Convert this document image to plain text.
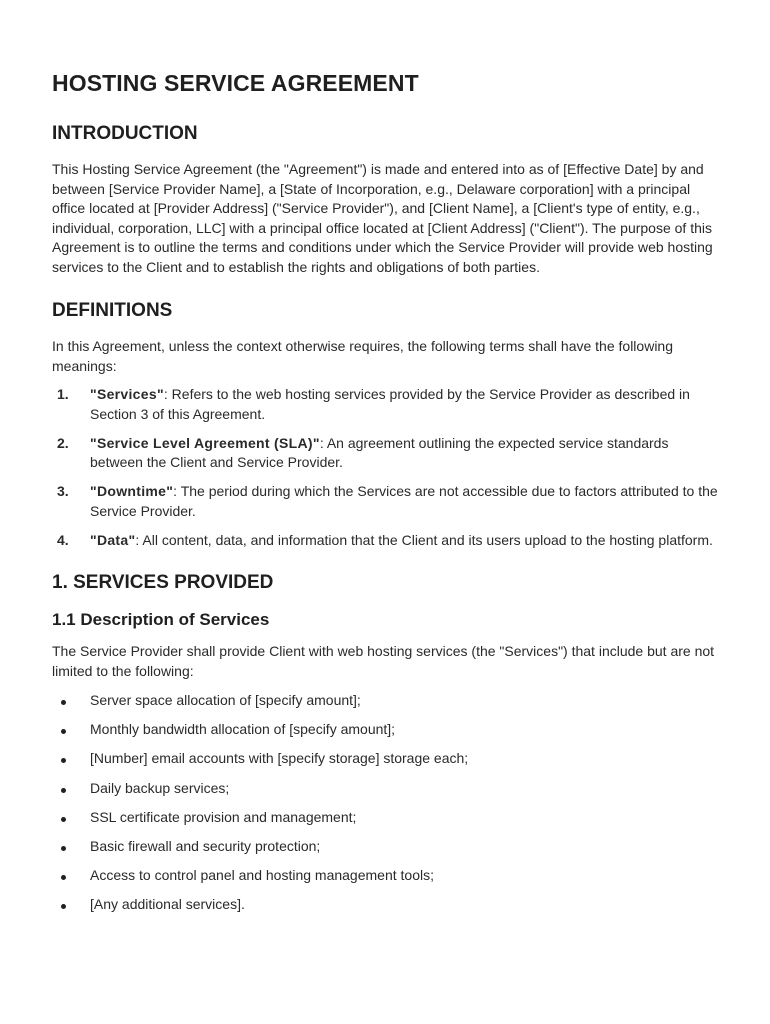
HOSTING SERVICE AGREEMENT
INTRODUCTION

This Hosting Service Agreement (the "Agreement") is made and entered into as of [Effective Date] by and between [Service Provider Name], a [State of Incorporation, e.g., Delaware corporation] with a principal office located at [Provider Address] ("Service Provider"), and [Client Name], a [Client's type of entity, e.g., individual, corporation, LLC] with a principal office located at [Client Address] ("Client"). The purpose of this Agreement is to outline the terms and conditions under which the Service Provider will provide web hosting services to the Client and to establish the rights and obligations of both parties.

DEFINITIONS

In this Agreement, unless the context otherwise requires, the following terms shall have the following meanings:

1. "Services": Refers to the web hosting services provided by the Service Provider as described in Section 3 of this Agreement.
2. "Service Level Agreement (SLA)": An agreement outlining the expected service standards between the Client and Service Provider.
3. "Downtime": The period during which the Services are not accessible due to factors attributed to the Service Provider.
4. "Data": All content, data, and information that the Client and its users upload to the hosting platform.
1. SERVICES PROVIDED
1.1 Description of Services

The Service Provider shall provide Client with web hosting services (the "Services") that include but are not limited to the following:

Server space allocation of [specify amount];
Monthly bandwidth allocation of [specify amount];
[Number] email accounts with [specify storage] storage each;
Daily backup services;
SSL certificate provision and management;
Basic firewall and security protection;
Access to control panel and hosting management tools;
[Any additional services].
